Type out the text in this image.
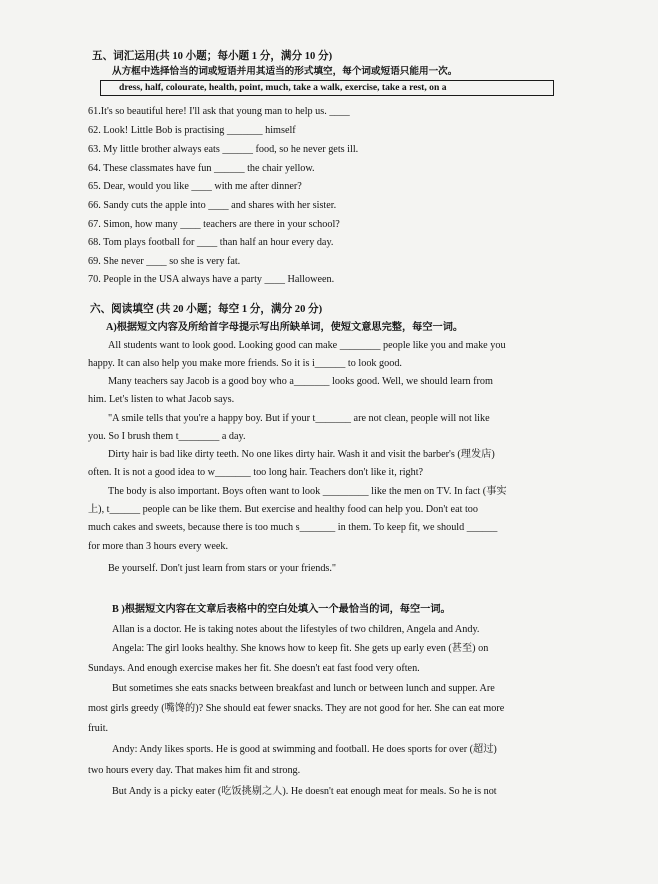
五、词汇运用(共 10 小题；每小题 1 分，满分 10 分)
从方框中选择恰当的词或短语并用其适当的形式填空，每个词或短语只能用一次。
dress, half, colourate, health, point, much, take a walk, exercise, take a rest, on a
61.It's so beautiful here! I'll ask that young man to help us. ____
62. Look! Little Bob is practising _______ himself
63. My little brother always eats ______ food, so he never gets ill.
64. These classmates have fun ______ the chair yellow.
65. Dear, would you like ____ with me after dinner?
66. Sandy cuts the apple into ____ and shares with her sister.
67. Simon, how many ____ teachers are there in your school?
68. Tom plays football for ____ than half an hour every day.
69. She never ____ so she is very fat.
70. People in the USA always have a party ____ Halloween.
六、阅读填空 (共 20 小题；每空 1 分，满分 20 分)
A)根据短文内容及所给首字母提示写出所缺单词，使短文意思完整，每空一词。
All students want to look good. Looking good can make ________ people like you and make you
happy. It can also help you make more friends. So it is i______ to look good.
Many teachers say Jacob is a good boy who a_______ looks good. Well, we should learn from
him. Let's listen to what Jacob says.
"A smile tells that you're a happy boy. But if your t_______ are not clean, people will not like
you. So I brush them t________ a day.
Dirty hair is bad like dirty teeth. No one likes dirty hair. Wash it and visit the barber's (理发店)
often. It is not a good idea to w_______ too long hair. Teachers don't like it, right?
The body is also important. Boys often want to look _________ like the men on TV. In fact (事实
上), t______ people can be like them. But exercise and healthy food can help you. Don't eat too
much cakes and sweets, because there is too much s_______ in them. To keep fit, we should ______
for more than 3 hours every week.
Be yourself. Don't just learn from stars or your friends."
B )根据短文内容在文章后表格中的空白处填入一个最恰当的词，每空一词。
Allan is a doctor. He is taking notes about the lifestyles of two children, Angela and Andy.
Angela: The girl looks healthy. She knows how to keep fit. She gets up early even (甚至) on
Sundays. And enough exercise makes her fit. She doesn't eat fast food very often.
But sometimes she eats snacks between breakfast and lunch or between lunch and supper. Are
most girls greedy (嘴馋的)? She should eat fewer snacks. They are not good for her. She can eat more
fruit.
Andy: Andy likes sports. He is good at swimming and football. He does sports for over (超过)
two hours every day. That makes him fit and strong.
But Andy is a picky eater (吃饭挑剔之人). He doesn't eat enough meat for meals. So he is not
